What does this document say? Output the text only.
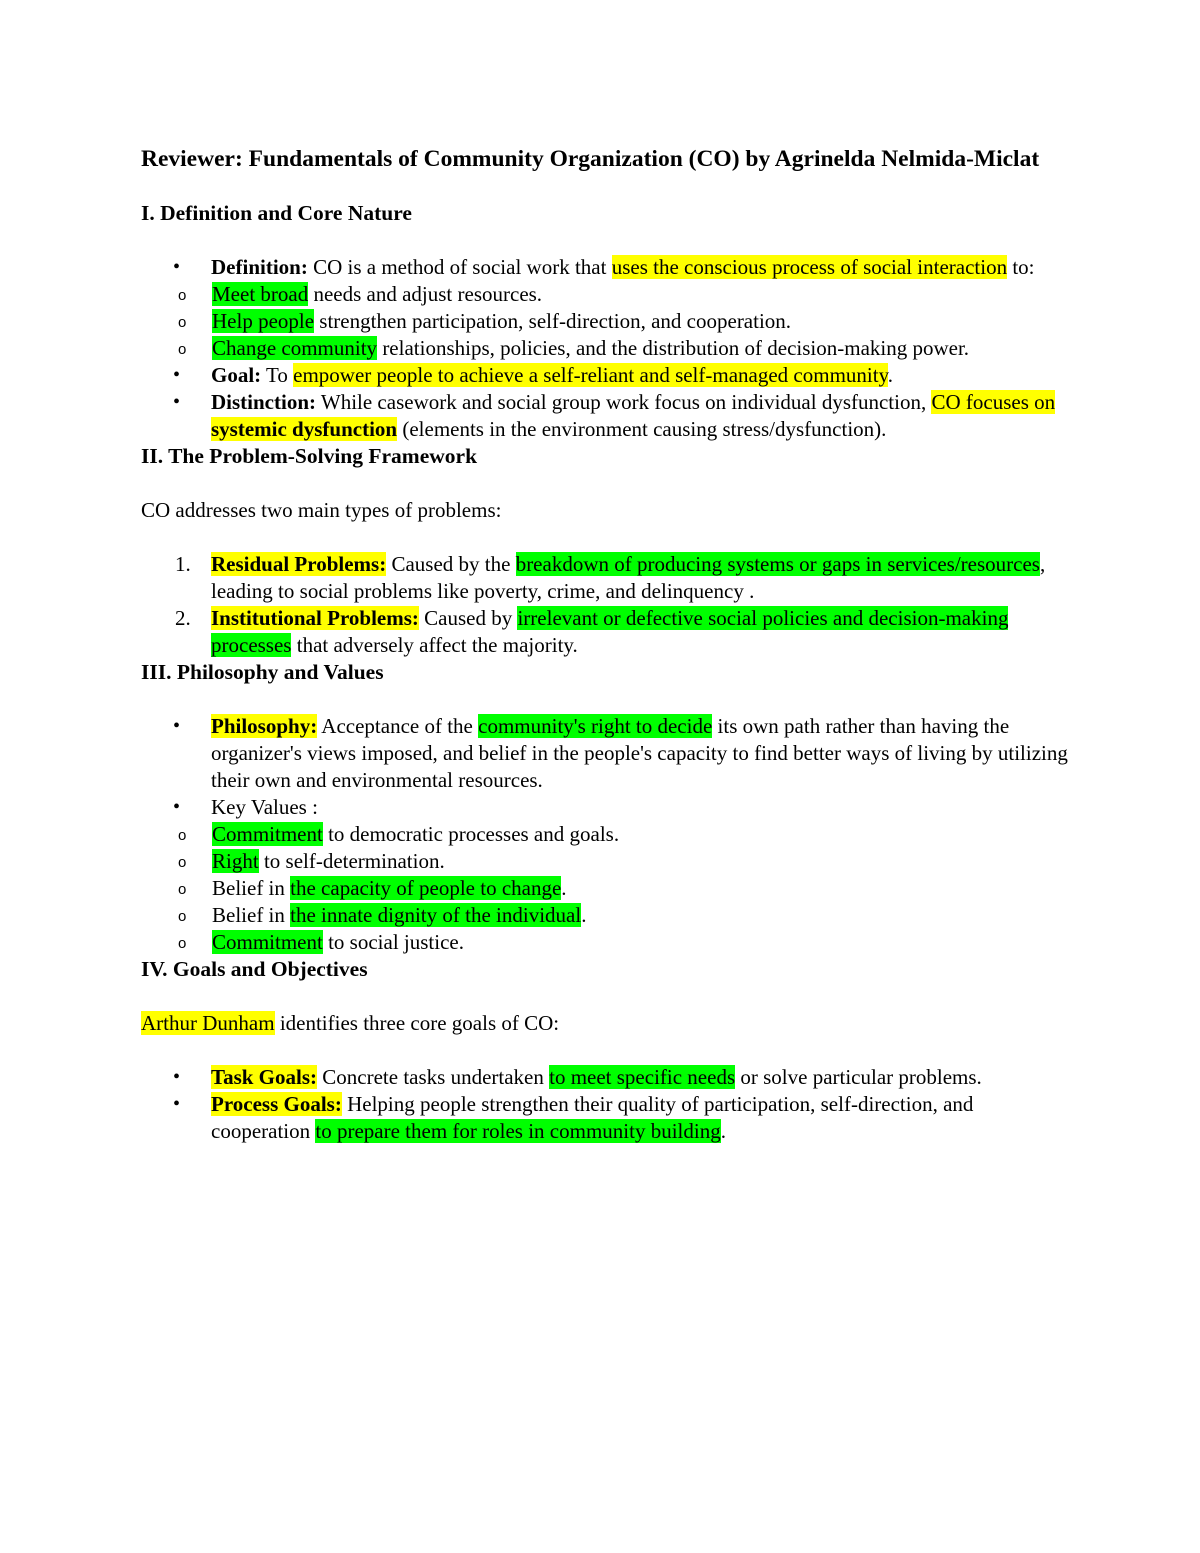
Reviewer: Fundamentals of Community Organization (CO) by Agrinelda Nelmida-Miclat
I. Definition and Core Nature
• Definition: CO is a method of social work that uses the conscious process of social interaction to:
o Meet broad needs and adjust resources.
o Help people strengthen participation, self-direction, and cooperation.
o Change community relationships, policies, and the distribution of decision-making power.
• Goal: To empower people to achieve a self-reliant and self-managed community.
• Distinction: While casework and social group work focus on individual dysfunction, CO focuses on systemic dysfunction (elements in the environment causing stress/dysfunction).
II. The Problem-Solving Framework
CO addresses two main types of problems:
1. Residual Problems: Caused by the breakdown of producing systems or gaps in services/resources, leading to social problems like poverty, crime, and delinquency .
2. Institutional Problems: Caused by irrelevant or defective social policies and decision-making processes that adversely affect the majority.
III. Philosophy and Values
• Philosophy: Acceptance of the community's right to decide its own path rather than having the organizer's views imposed, and belief in the people's capacity to find better ways of living by utilizing their own and environmental resources.
• Key Values :
o Commitment to democratic processes and goals.
o Right to self-determination.
o Belief in the capacity of people to change.
o Belief in the innate dignity of the individual.
o Commitment to social justice.
IV. Goals and Objectives
Arthur Dunham identifies three core goals of CO:
• Task Goals: Concrete tasks undertaken to meet specific needs or solve particular problems.
• Process Goals: Helping people strengthen their quality of participation, self-direction, and cooperation to prepare them for roles in community building.
